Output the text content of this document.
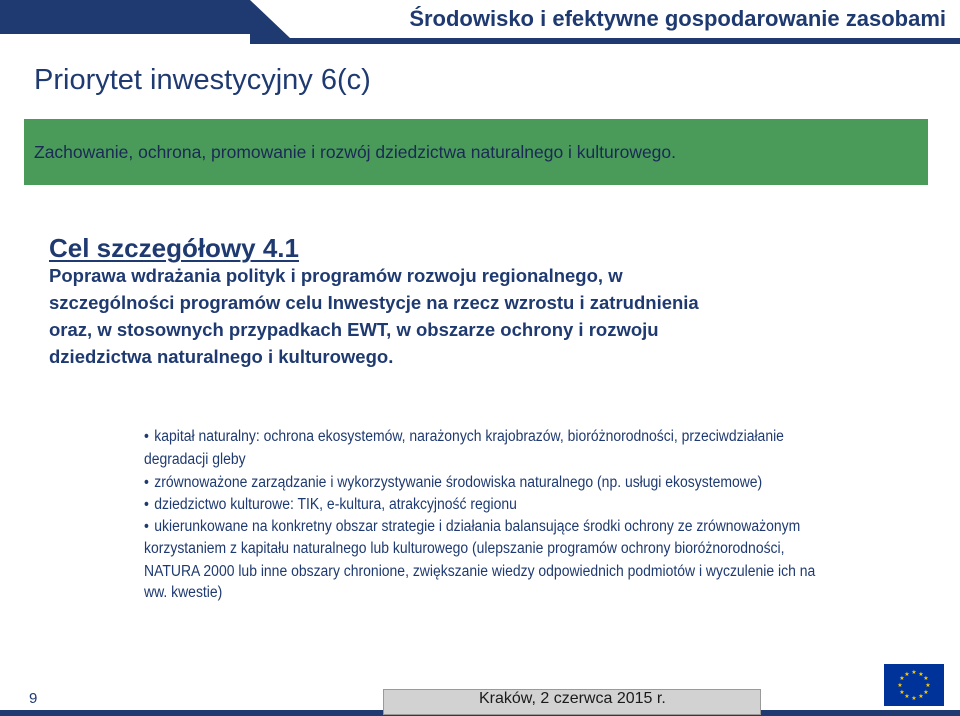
Środowisko i efektywne gospodarowanie zasobami
Priorytet inwestycyjny 6(c)
Zachowanie, ochrona, promowanie i rozwój dziedzictwa naturalnego i kulturowego.
Cel szczegółowy 4.1
Poprawa wdrażania polityk i programów rozwoju regionalnego, w
szczególności programów celu Inwestycje na rzecz wzrostu i zatrudnienia
oraz, w stosownych przypadkach EWT, w obszarze ochrony i rozwoju
dziedzictwa naturalnego i kulturowego.
• kapitał naturalny: ochrona ekosystemów, narażonych krajobrazów, bioróżnorodności, przeciwdziałanie
degradacji gleby
• zrównoważone zarządzanie i wykorzystywanie środowiska naturalnego (np. usługi ekosystemowe)
• dziedzictwo kulturowe: TIK, e-kultura, atrakcyjność regionu
• ukierunkowane na konkretny obszar strategie i działania balansujące środki ochrony ze zrównoważonym
korzystaniem z kapitału naturalnego lub kulturowego (ulepszanie programów ochrony bioróżnorodności,
NATURA 2000 lub inne obszary chronione, zwiększanie wiedzy odpowiednich podmiotów i wyczulenie ich na
ww. kwestie)
9	Kraków, 2 czerwca 2015 r.
★ ★
★
★
★
★
★
★
★
★
★
★
